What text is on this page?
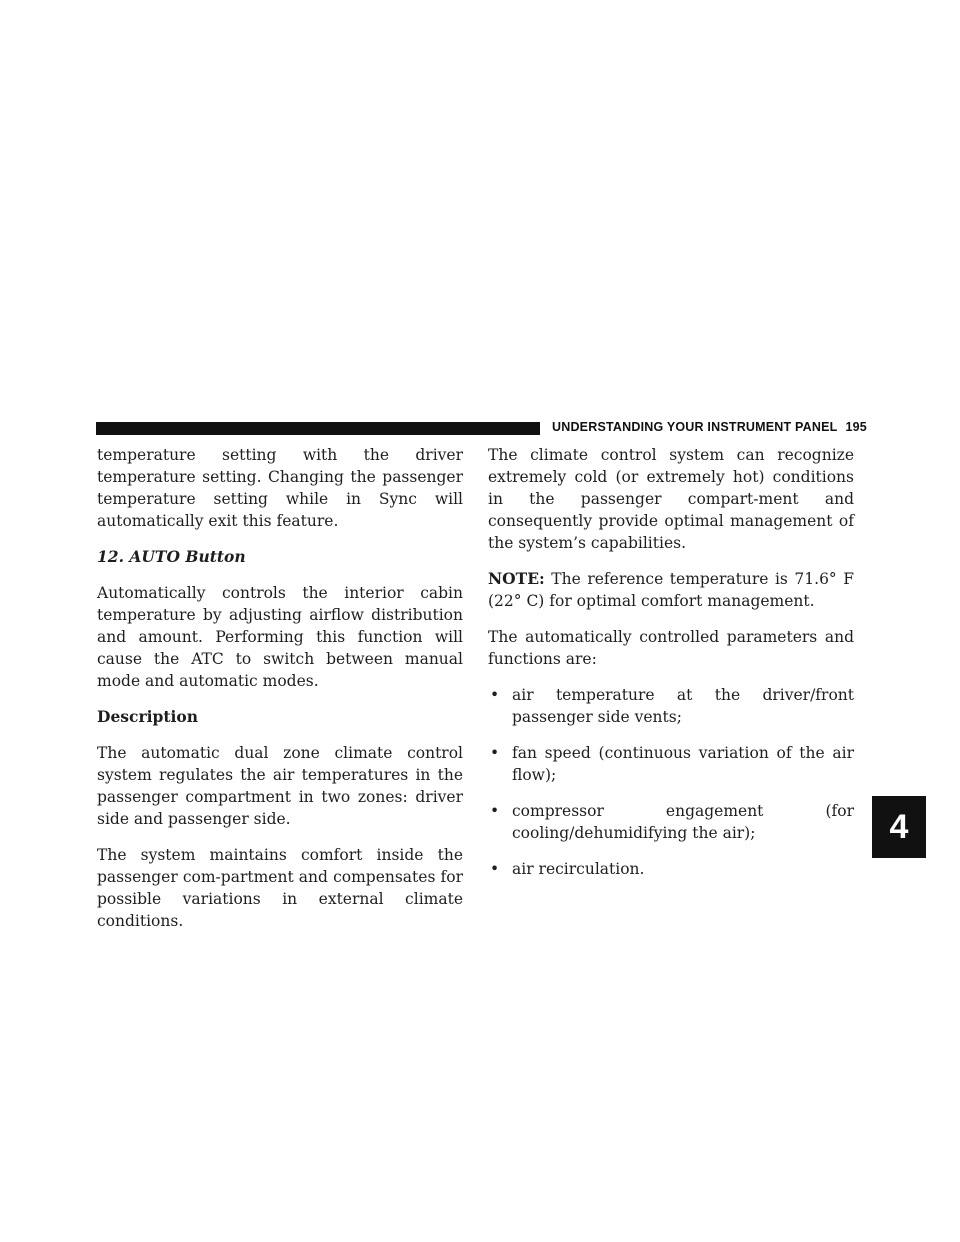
UNDERSTANDING YOUR INSTRUMENT PANEL 195
4

temperature setting with the driver temperature setting. Changing the passenger temperature setting while in Sync will automatically exit this feature.

12. AUTO Button

Automatically controls the interior cabin temperature by adjusting airflow distribution and amount. Performing this function will cause the ATC to switch between manual mode and automatic modes.

Description

The automatic dual zone climate control system regulates the air temperatures in the passenger compartment in two zones: driver side and passenger side.

The system maintains comfort inside the passenger com-partment and compensates for possible variations in external climate conditions.

The climate control system can recognize extremely cold (or extremely hot) conditions in the passenger compart-ment and consequently provide optimal management of the system’s capabilities.

NOTE: The reference temperature is 71.6° F (22° C) for optimal comfort management.

The automatically controlled parameters and functions are:

• air temperature at the driver/front passenger side vents;
• fan speed (continuous variation of the air flow);
• compressor engagement (for cooling/dehumidifying the air);
• air recirculation.
